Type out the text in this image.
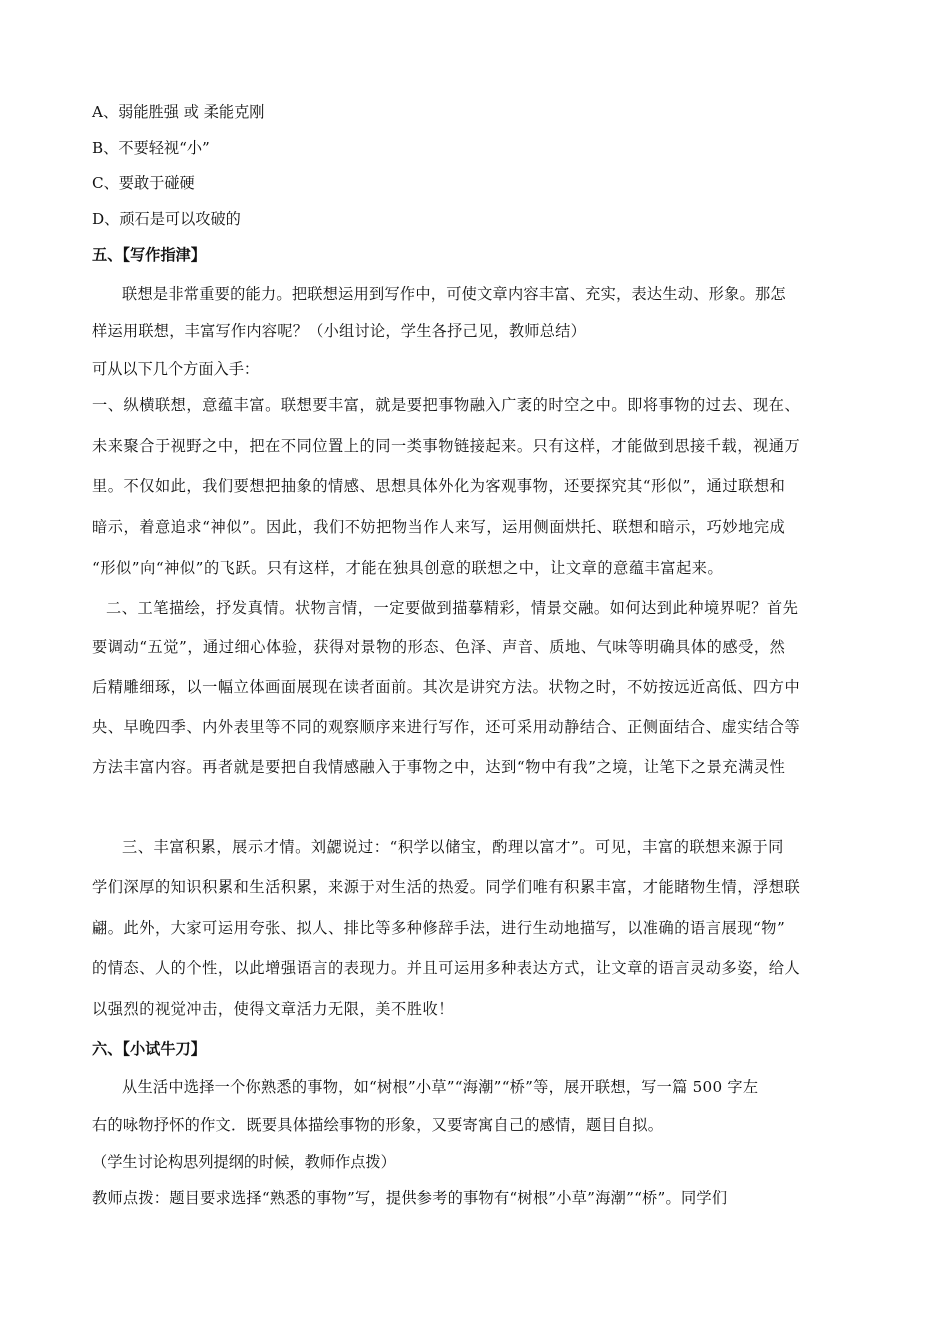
A、弱能胜强 或 柔能克刚
B、不要轻视“小”
C、要敢于碰硬
D、顽石是可以攻破的
五、【写作指津】
联想是非常重要的能力。把联想运用到写作中，可使文章内容丰富、充实，表达生动、形象。那怎
样运用联想，丰富写作内容呢？（小组讨论，学生各抒己见，教师总结）
可从以下几个方面入手：
一、纵横联想，意蕴丰富。联想要丰富，就是要把事物融入广袤的时空之中。即将事物的过去、现在、
未来聚合于视野之中，把在不同位置上的同一类事物链接起来。只有这样，才能做到思接千载，视通万
里。不仅如此，我们要想把抽象的情感、思想具体外化为客观事物，还要探究其“形似”，通过联想和
暗示，着意追求“神似”。因此，我们不妨把物当作人来写，运用侧面烘托、联想和暗示，巧妙地完成
“形似”向“神似”的飞跃。只有这样，才能在独具创意的联想之中，让文章的意蕴丰富起来。
二、工笔描绘，抒发真情。状物言情，一定要做到描摹精彩，情景交融。如何达到此种境界呢？首先
要调动“五觉”，通过细心体验，获得对景物的形态、色泽、声音、质地、气味等明确具体的感受，然
后精雕细琢，以一幅立体画面展现在读者面前。其次是讲究方法。状物之时，不妨按远近高低、四方中
央、早晚四季、内外表里等不同的观察顺序来进行写作，还可采用动静结合、正侧面结合、虚实结合等
方法丰富内容。再者就是要把自我情感融入于事物之中，达到“物中有我”之境，让笔下之景充满灵性
三、丰富积累，展示才情。刘勰说过：“积学以储宝，酌理以富才”。可见，丰富的联想来源于同
学们深厚的知识积累和生活积累，来源于对生活的热爱。同学们唯有积累丰富，才能睹物生情，浮想联
翩。此外，大家可运用夸张、拟人、排比等多种修辞手法，进行生动地描写，以准确的语言展现“物”
的情态、人的个性，以此增强语言的表现力。并且可运用多种表达方式，让文章的语言灵动多姿，给人
以强烈的视觉冲击，使得文章活力无限，美不胜收！
六、【小试牛刀】
从生活中选择一个你熟悉的事物，如“树根”小草”“海潮”“桥”等，展开联想，写一篇 500 字左
右的咏物抒怀的作文．既要具体描绘事物的形象，又要寄寓自己的感情，题目自拟。
（学生讨论构思列提纲的时候，教师作点拨）
教师点拨：题目要求选择“熟悉的事物”写，提供参考的事物有“树根”小草”海潮”“桥”。同学们
